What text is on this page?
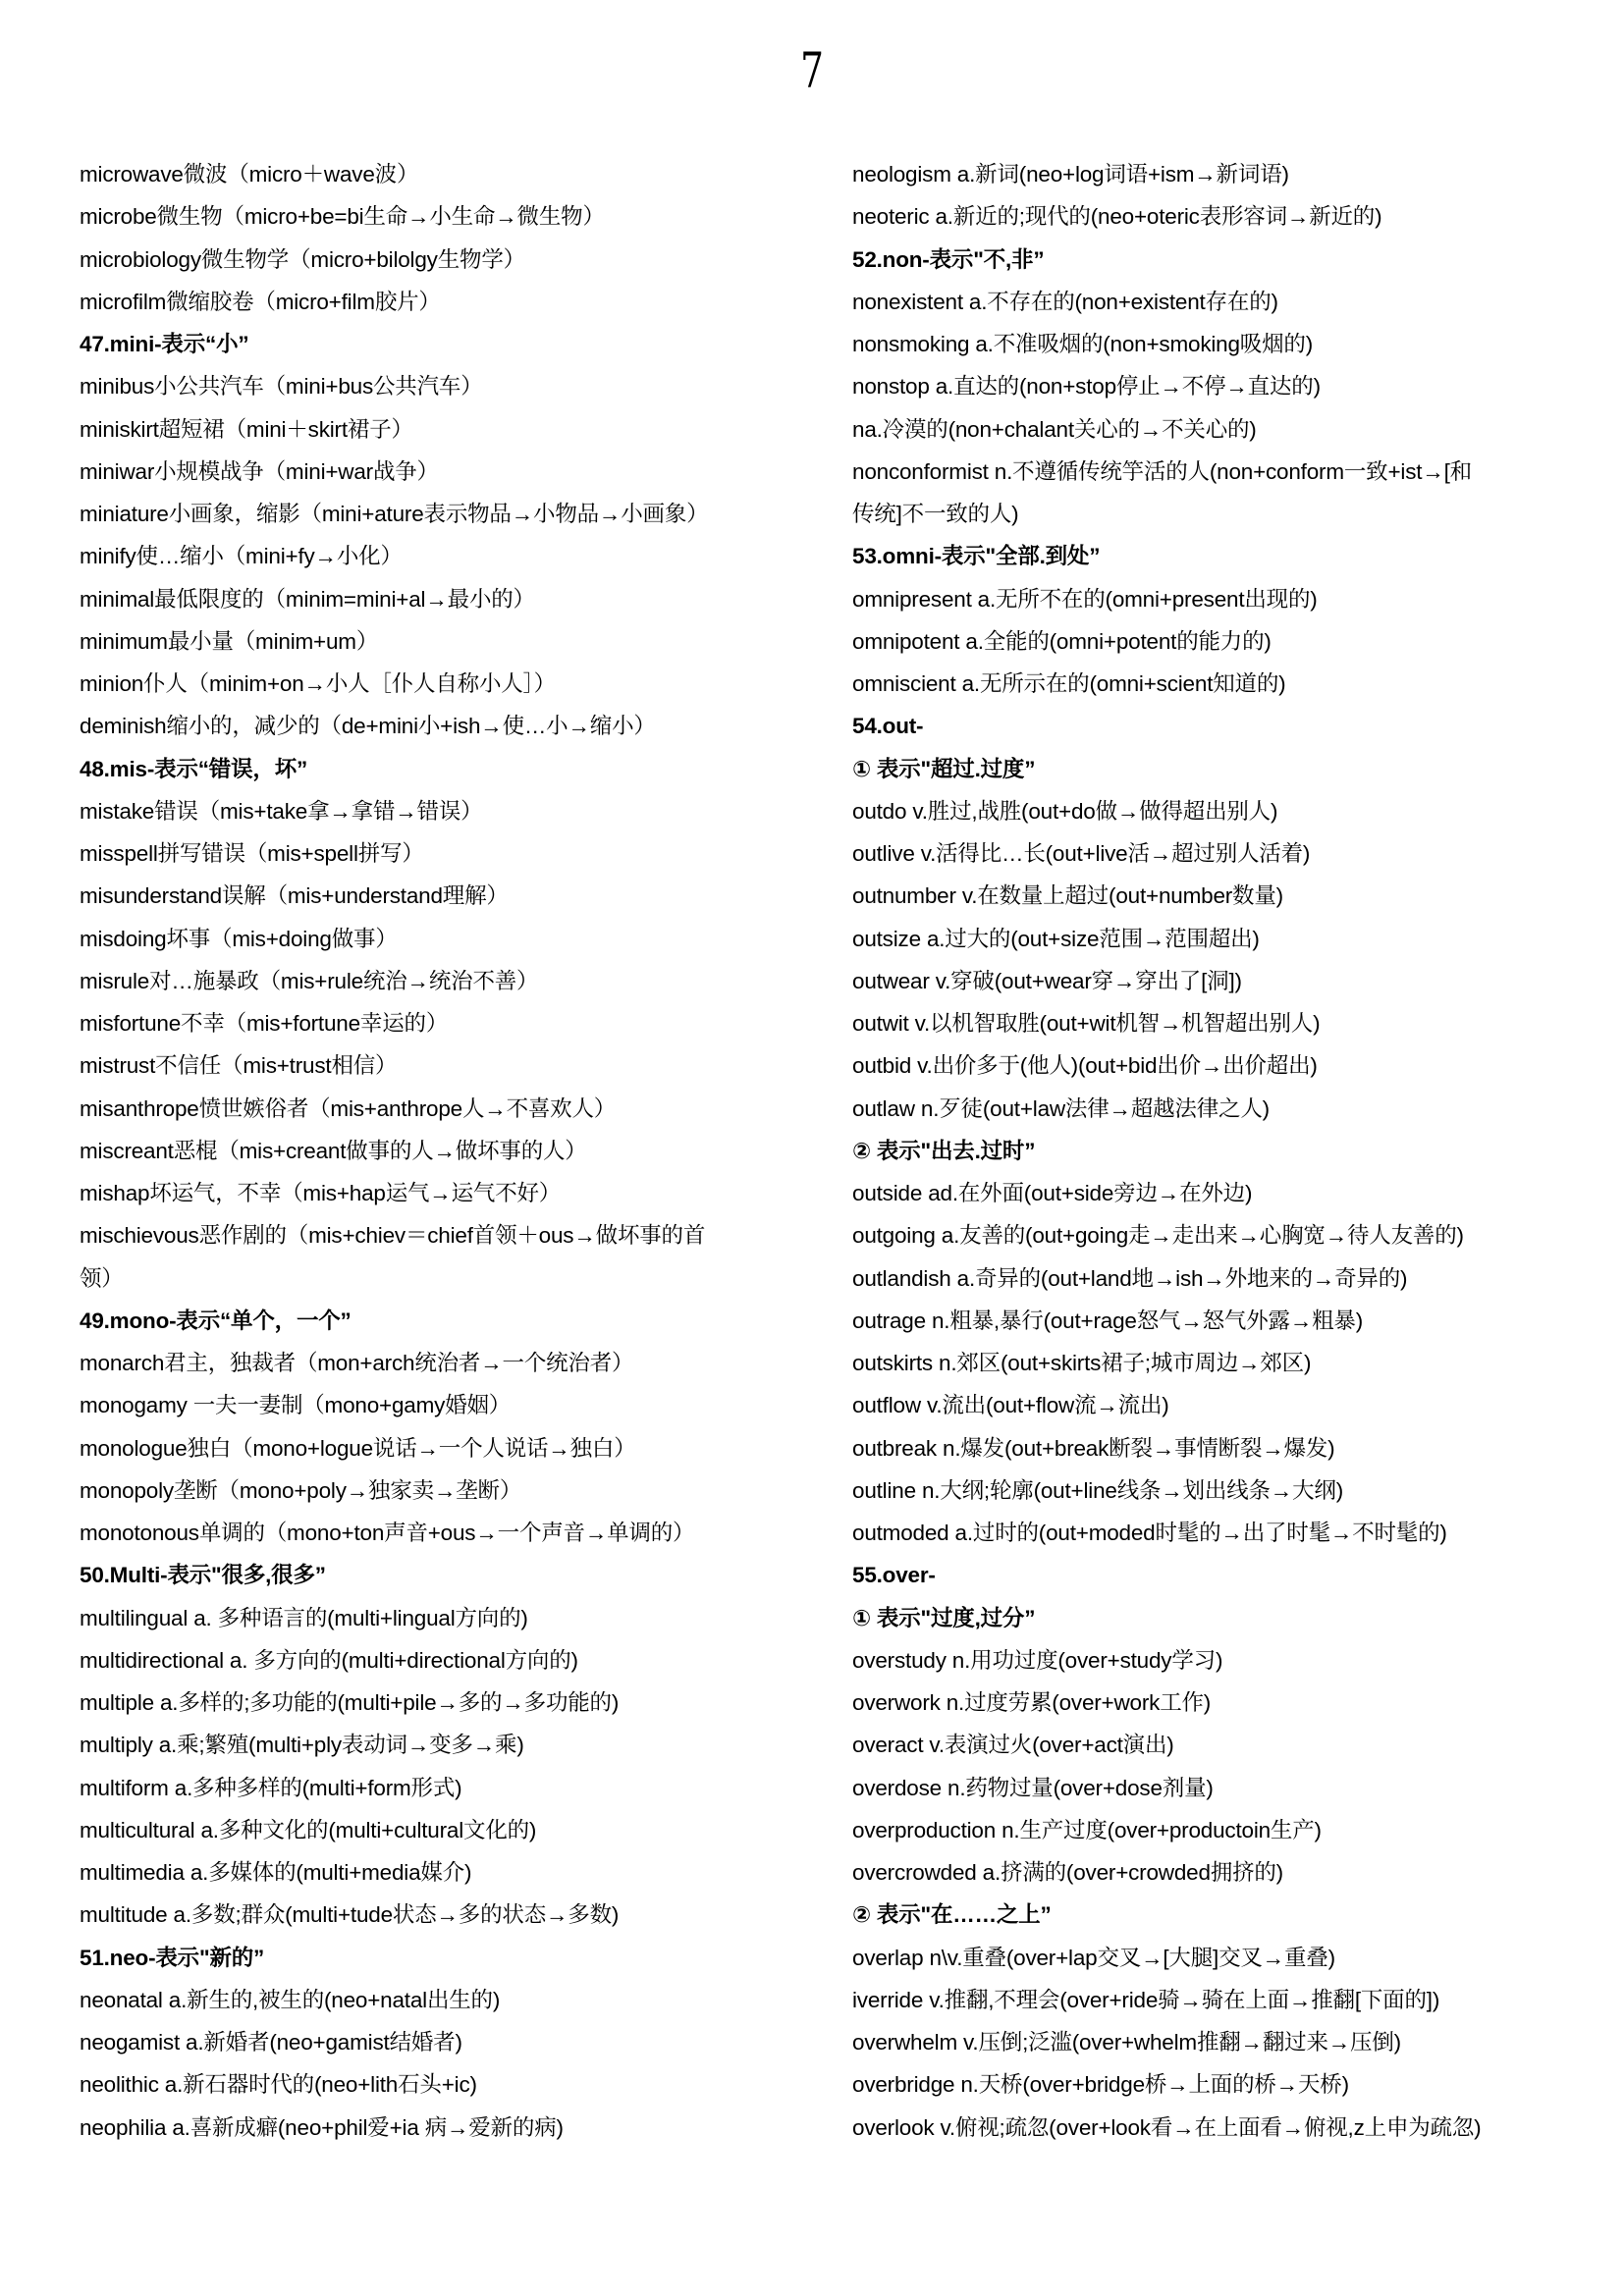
7
microwave微波（micro＋wave波）
microbe微生物（micro+be=bi生命→小生命→微生物）
microbiology微生物学（micro+bilolgy生物学）
microfilm微缩胶卷（micro+film胶片）
47.mini-表示“小”
minibus小公共汽车（mini+bus公共汽车）
miniskirt超短裙（mini＋skirt裙子）
miniwar小规模战争（mini+war战争）
miniature小画象，缩影（mini+ature表示物品→小物品→小画象）
minify使…缩小（mini+fy→小化）
minimal最低限度的（minim=mini+al→最小的）
minimum最小量（minim+um）
minion仆人（minim+on→小人［仆人自称小人］）
deminish缩小的，减少的（de+mini小+ish→使…小→缩小）
48.mis-表示“错误，坏”
mistake错误（mis+take拿→拿错→错误）
misspell拼写错误（mis+spell拼写）
misunderstand误解（mis+understand理解）
misdoing坏事（mis+doing做事）
misrule对…施暴政（mis+rule统治→统治不善）
misfortune不幸（mis+fortune幸运的）
mistrust不信任（mis+trust相信）
misanthrope愤世嫉俗者（mis+anthrope人→不喜欢人）
miscreant恶棍（mis+creant做事的人→做坏事的人）
mishap坏运气，不幸（mis+hap运气→运气不好）
mischievous恶作剧的（mis+chiev＝chief首领＋ous→做坏事的首
领）
49.mono-表示“单个，一个”
monarch君主，独裁者（mon+arch统治者→一个统治者）
monogamy 一夫一妻制（mono+gamy婚姻）
monologue独白（mono+logue说话→一个人说话→独白）
monopoly垄断（mono+poly→独家卖→垄断）
monotonous单调的（mono+ton声音+ous→一个声音→单调的）
50.Multi-表示"很多,很多”
multilingual a. 多种语言的(multi+lingual方向的)
multidirectional a. 多方向的(multi+directional方向的)
multiple a.多样的;多功能的(multi+pile→多的→多功能的)
multiply a.乘;繁殖(multi+ply表动词→变多→乘)
multiform a.多种多样的(multi+form形式)
multicultural a.多种文化的(multi+cultural文化的)
multimedia a.多媒体的(multi+media媒介)
multitude a.多数;群众(multi+tude状态→多的状态→多数)
51.neo-表示"新的”
neonatal a.新生的,被生的(neo+natal出生的)
neogamist a.新婚者(neo+gamist结婚者)
neolithic a.新石器时代的(neo+lith石头+ic)
neophilia a.喜新成癖(neo+phil爱+ia 病→爱新的病)
neologism a.新词(neo+log词语+ism→新词语)
neoteric a.新近的;现代的(neo+oteric表形容词→新近的)
52.non-表示"不,非”
nonexistent a.不存在的(non+existent存在的)
nonsmoking a.不准吸烟的(non+smoking吸烟的)
nonstop a.直达的(non+stop停止→不停→直达的)
na.冷漠的(non+chalant关心的→不关心的)
nonconformist n.不遵循传统竽活的人(non+conform一致+ist→[和
传统]不一致的人)
53.omni-表示"全部.到处”
omnipresent a.无所不在的(omni+present出现的)
omnipotent a.全能的(omni+potent的能力的)
omniscient a.无所示在的(omni+scient知道的)
54.out-
① 表示"超过.过度”
outdo v.胜过,战胜(out+do做→做得超出别人)
outlive v.活得比…长(out+live活→超过别人活着)
outnumber v.在数量上超过(out+number数量)
outsize a.过大的(out+size范围→范围超出)
outwear v.穿破(out+wear穿→穿出了[洞])
outwit v.以机智取胜(out+wit机智→机智超出别人)
outbid v.出价多于(他人)(out+bid出价→出价超出)
outlaw n.歹徒(out+law法律→超越法律之人)
② 表示"出去.过时”
outside ad.在外面(out+side旁边→在外边)
outgoing a.友善的(out+going走→走出来→心胸宽→待人友善的)
outlandish a.奇异的(out+land地→ish→外地来的→奇异的)
outrage n.粗暴,暴行(out+rage怒气→怒气外露→粗暴)
outskirts n.郊区(out+skirts裙子;城市周边→郊区)
outflow v.流出(out+flow流→流出)
outbreak n.爆发(out+break断裂→事情断裂→爆发)
outline n.大纲;轮廓(out+line线条→划出线条→大纲)
outmoded a.过时的(out+moded时髦的→出了时髦→不时髦的)
55.over-
① 表示"过度,过分”
overstudy n.用功过度(over+study学习)
overwork n.过度劳累(over+work工作)
overact v.表演过火(over+act演出)
overdose n.药物过量(over+dose剂量)
overproduction n.生产过度(over+productoin生产)
overcrowded a.挤满的(over+crowded拥挤的)
② 表示"在……之上”
overlap n\v.重叠(over+lap交叉→[大腿]交叉→重叠)
iverride v.推翻,不理会(over+ride骑→骑在上面→推翻[下面的])
overwhelm v.压倒;泛滥(over+whelm推翻→翻过来→压倒)
overbridge n.天桥(over+bridge桥→上面的桥→天桥)
overlook v.俯视;疏忽(over+look看→在上面看→俯视,z上申为疏忽)
